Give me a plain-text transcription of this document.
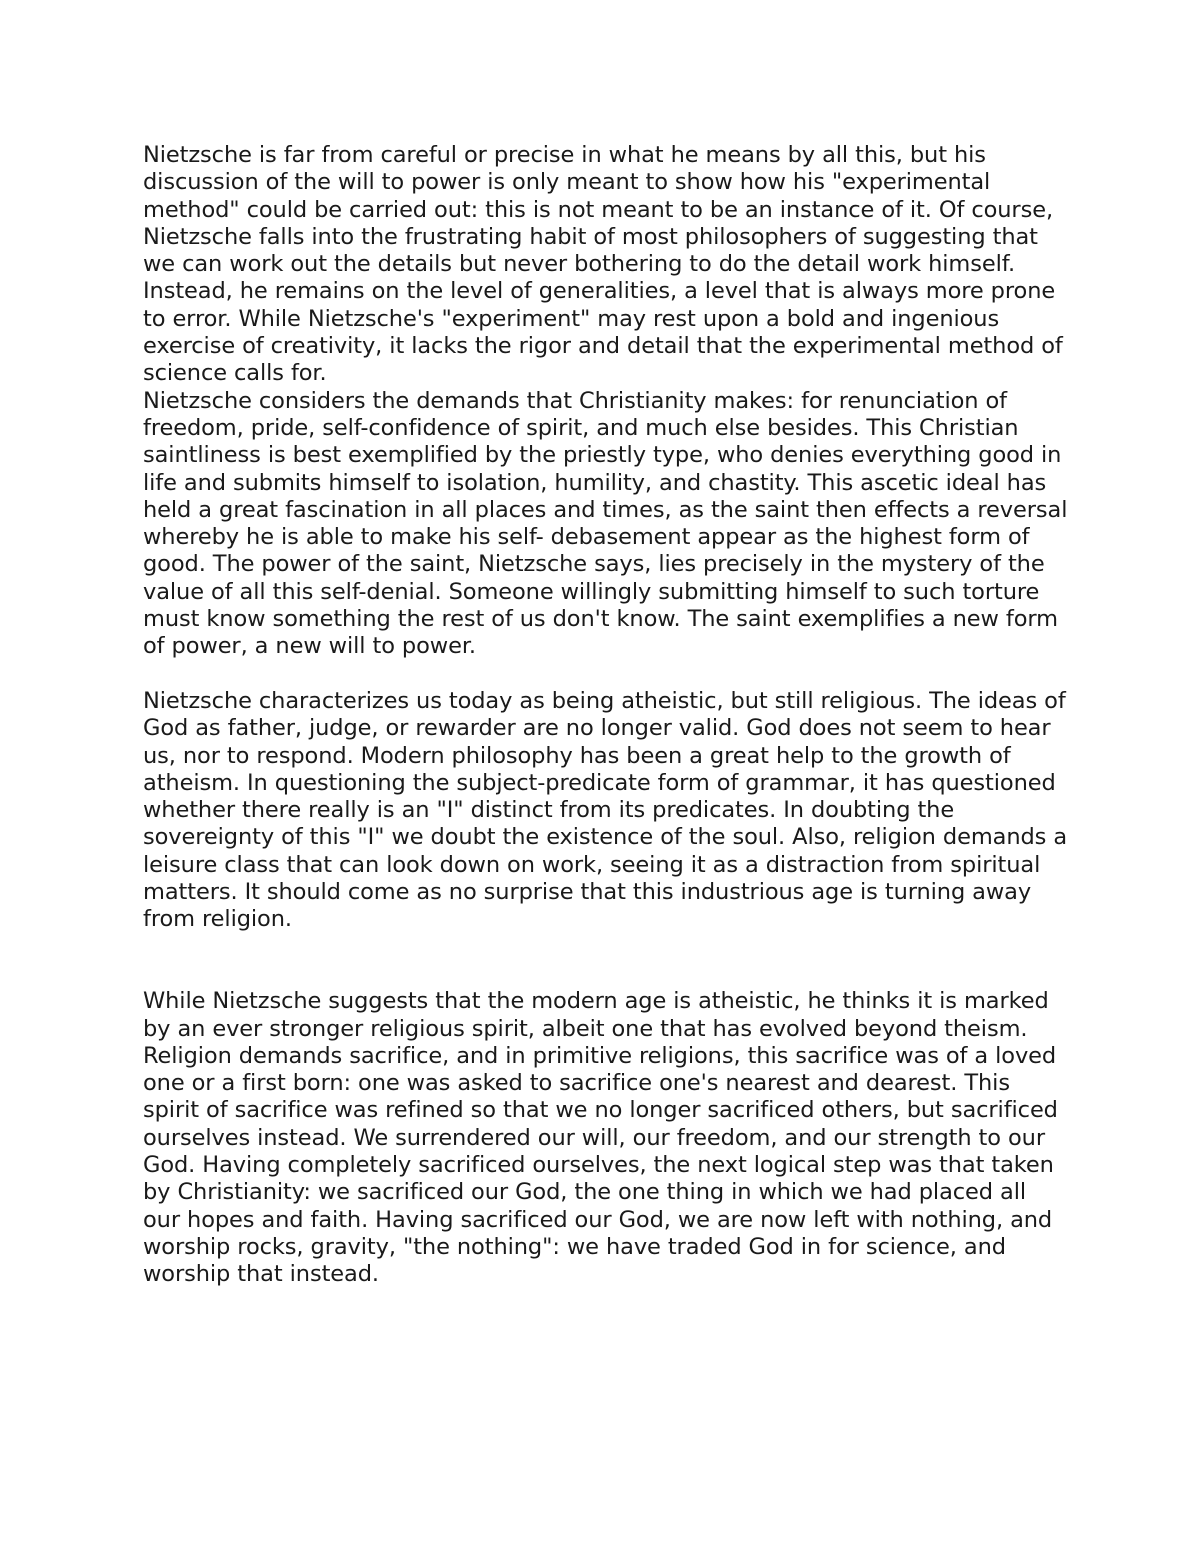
Nietzsche is far from careful or precise in what he means by all this, but his discussion of the will to power is only meant to show how his "experimental method" could be carried out: this is not meant to be an instance of it. Of course, Nietzsche falls into the frustrating habit of most philosophers of suggesting that we can work out the details but never bothering to do the detail work himself. Instead, he remains on the level of generalities, a level that is always more prone to error. While Nietzsche's "experiment" may rest upon a bold and ingenious exercise of creativity, it lacks the rigor and detail that the experimental method of science calls for.

Nietzsche considers the demands that Christianity makes: for renunciation of freedom, pride, self-confidence of spirit, and much else besides. This Christian saintliness is best exemplified by the priestly type, who denies everything good in life and submits himself to isolation, humility, and chastity. This ascetic ideal has held a great fascination in all places and times, as the saint then effects a reversal whereby he is able to make his self- debasement appear as the highest form of good. The power of the saint, Nietzsche says, lies precisely in the mystery of the value of all this self-denial. Someone willingly submitting himself to such torture must know something the rest of us don't know. The saint exemplifies a new form of power, a new will to power.

Nietzsche characterizes us today as being atheistic, but still religious. The ideas of God as father, judge, or rewarder are no longer valid. God does not seem to hear us, nor to respond. Modern philosophy has been a great help to the growth of atheism. In questioning the subject-predicate form of grammar, it has questioned whether there really is an "I" distinct from its predicates. In doubting the sovereignty of this "I" we doubt the existence of the soul. Also, religion demands a leisure class that can look down on work, seeing it as a distraction from spiritual matters. It should come as no surprise that this industrious age is turning away from religion.

While Nietzsche suggests that the modern age is atheistic, he thinks it is marked by an ever stronger religious spirit, albeit one that has evolved beyond theism. Religion demands sacrifice, and in primitive religions, this sacrifice was of a loved one or a first born: one was asked to sacrifice one's nearest and dearest. This spirit of sacrifice was refined so that we no longer sacrificed others, but sacrificed ourselves instead. We surrendered our will, our freedom, and our strength to our God. Having completely sacrificed ourselves, the next logical step was that taken by Christianity: we sacrificed our God, the one thing in which we had placed all our hopes and faith. Having sacrificed our God, we are now left with nothing, and worship rocks, gravity, "the nothing": we have traded God in for science, and worship that instead.
